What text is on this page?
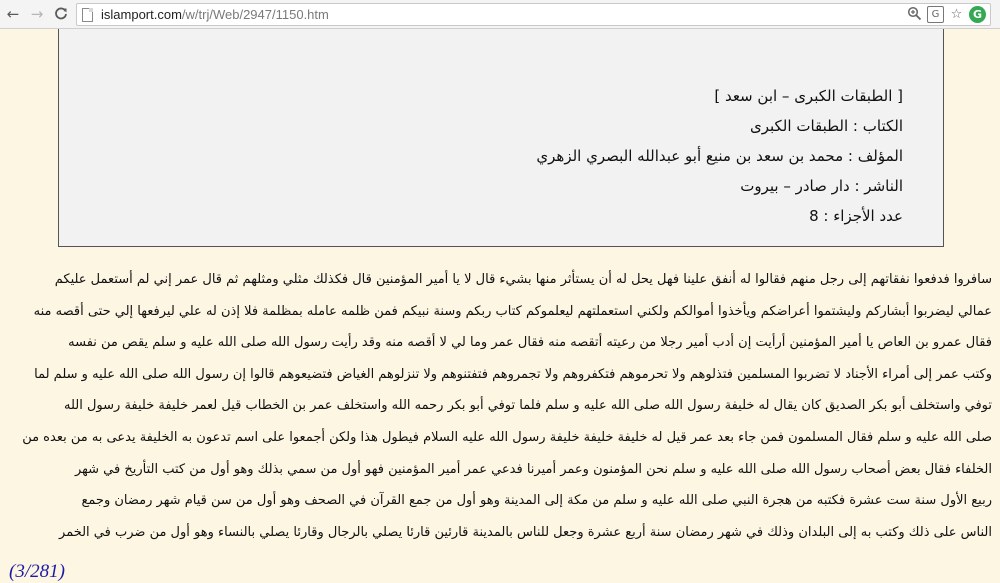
← →	islamport.com/w/trj/Web/2947/1150.htm	G ☆ G
[ الطبقات الكبرى – ابن سعد ]
الكتاب : الطبقات الكبرى
المؤلف : محمد بن سعد بن منيع أبو عبدالله البصري الزهري
الناشر : دار صادر – بيروت
عدد الأجزاء : 8
سافروا فدفعوا نفقاتهم إلى رجل منهم فقالوا له أنفق علينا فهل يحل له أن يستأثر منها بشيء قال لا يا أمير المؤمنين قال فكذلك مثلي ومثلهم ثم قال عمر إني لم أستعمل عليكم
عمالي ليضربوا أبشاركم وليشتموا أعراضكم ويأخذوا أموالكم ولكني استعملتهم ليعلموكم كتاب ربكم وسنة نبيكم فمن ظلمه عامله بمظلمة فلا إذن له علي ليرفعها إلي حتى أقصه منه
فقال عمرو بن العاص يا أمير المؤمنين أرأيت إن أدب أمير رجلا من رعيته أتقصه منه فقال عمر وما لي لا أقصه منه وقد رأيت رسول الله صلى الله عليه و سلم يقص من نفسه
وكتب عمر إلى أمراء الأجناد لا تضربوا المسلمين فتذلوهم ولا تحرموهم فتكفروهم ولا تجمروهم فتفتنوهم ولا تنزلوهم الغياض فتضيعوهم قالوا إن رسول الله صلى الله عليه و سلم لما
توفي واستخلف أبو بكر الصديق كان يقال له خليفة رسول الله صلى الله عليه و سلم فلما توفي أبو بكر رحمه الله واستخلف عمر بن الخطاب قيل لعمر خليفة خليفة رسول الله
صلى الله عليه و سلم فقال المسلمون فمن جاء بعد عمر قيل له خليفة خليفة خليفة رسول الله عليه السلام فيطول هذا ولكن أجمعوا على اسم تدعون به الخليفة يدعى به من بعده من
الخلفاء فقال بعض أصحاب رسول الله صلى الله عليه و سلم نحن المؤمنون وعمر أميرنا فدعي عمر أمير المؤمنين فهو أول من سمي بذلك وهو أول من كتب التأريخ في شهر
ربيع الأول سنة ست عشرة فكتبه من هجرة النبي صلى الله عليه و سلم من مكة إلى المدينة وهو أول من جمع القرآن في الصحف وهو أول من سن قيام شهر رمضان وجمع
الناس على ذلك وكتب به إلى البلدان وذلك في شهر رمضان سنة أربع عشرة وجعل للناس بالمدينة قارئين قارئا يصلي بالرجال وقارئا يصلي بالنساء وهو أول من ضرب في الخمر
(3/281)
